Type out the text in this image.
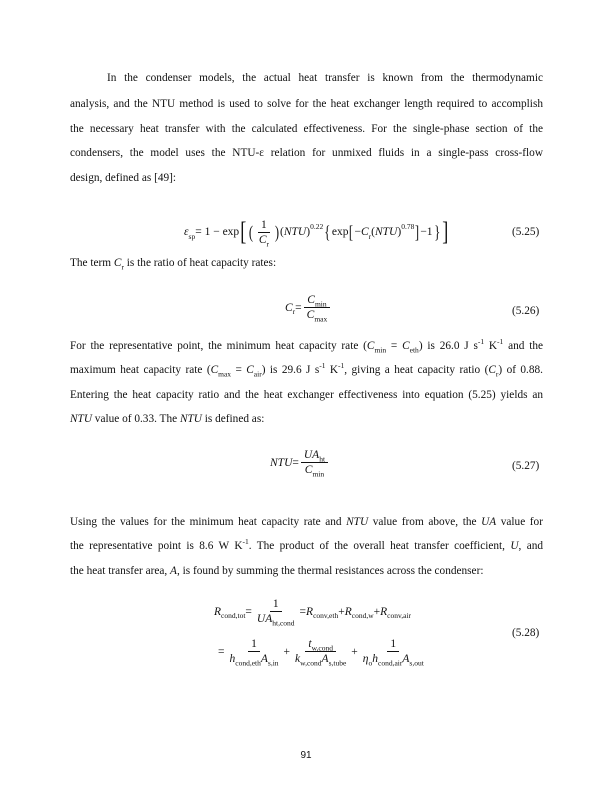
In the condenser models, the actual heat transfer is known from the thermodynamic
analysis, and the NTU method is used to solve for the heat exchanger length required to accomplish
the necessary heat transfer with the calculated effectiveness. For the single-phase section of the
condensers, the model uses the NTU-ε relation for unmixed fluids in a single-pass cross-flow
design, defined as [49]:
$\varepsilon_{sp} = 1 - \exp$ [ ( $\frac{1}{C_r}$ ) ( NTU )$^{0.22}$ { exp [ − $C_r$ ( NTU )$^{0.78}$ ] −1 } ]	(5.25)
The term $C_r$ is the ratio of heat capacity rates:
$C_r$ =
$C_{min}$
$C_{max}$
(5.26)
For the representative point, the minimum heat capacity rate $(C_{min} = C_{eth})$ is 26.0 J $s^{-1}$ $K^{-1}$ and the
maximum heat capacity rate $(C_{max} = C_{air})$ is 29.6 J $s^{-1}$ $K^{-1}$, giving a heat capacity ratio $(C_r)$ of 0.88.
Entering the heat capacity ratio and the heat exchanger effectiveness into equation (5.25) yields an
NTU value of 0.33. The NTU is defined as:
NTU =
$UA_{ht}$
$C_{min}$
(5.27)
Using the values for the minimum heat capacity rate and NTU value from above, the UA value for
the representative point is 8.6 W $K^{-1}$. The product of the overall heat transfer coefficient, U, and
the heat transfer area, A, is found by summing the thermal resistances across the condenser:
$R_{cond,tot}$ =
1
$UA_{ht,cond}$
= $R_{conv,eth} + R_{cond,w} + R_{conv,air}$
=
1
$h_{cond,eth}A_{s,in}$
+
$t_{w,cond}$
$k_{w,cond}A_{s,tube}$
+
1
$\eta_oh_{cond,air}A_{s,out}$
(5.28)
91
